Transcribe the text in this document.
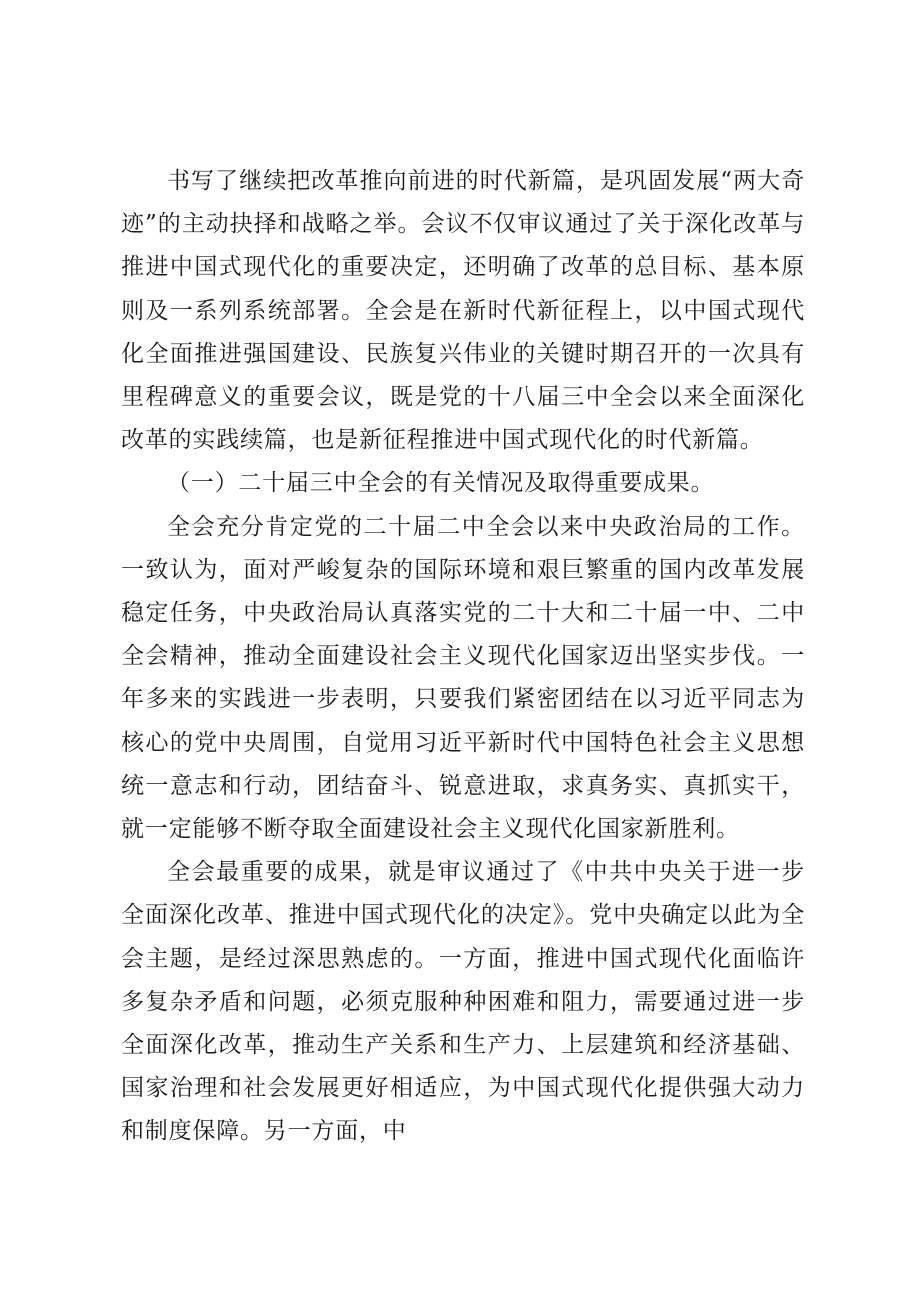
书写了继续把改革推向前进的时代新篇，是巩固发展“两大奇迹”的主动抉择和战略之举。会议不仅审议通过了关于深化改革与推进中国式现代化的重要决定，还明确了改革的总目标、基本原则及一系列系统部署。全会是在新时代新征程上，以中国式现代化全面推进强国建设、民族复兴伟业的关键时期召开的一次具有里程碑意义的重要会议，既是党的十八届三中全会以来全面深化改革的实践续篇，也是新征程推进中国式现代化的时代新篇。

（一）二十届三中全会的有关情况及取得重要成果。

全会充分肯定党的二十届二中全会以来中央政治局的工作。一致认为，面对严峻复杂的国际环境和艰巨繁重的国内改革发展稳定任务，中央政治局认真落实党的二十大和二十届一中、二中全会精神，推动全面建设社会主义现代化国家迈出坚实步伐。一年多来的实践进一步表明，只要我们紧密团结在以习近平同志为核心的党中央周围，自觉用习近平新时代中国特色社会主义思想统一意志和行动，团结奋斗、锐意进取，求真务实、真抓实干，就一定能够不断夺取全面建设社会主义现代化国家新胜利。

全会最重要的成果，就是审议通过了《中共中央关于进一步全面深化改革、推进中国式现代化的决定》。党中央确定以此为全会主题，是经过深思熟虑的。一方面，推进中国式现代化面临许多复杂矛盾和问题，必须克服种种困难和阻力，需要通过进一步全面深化改革，推动生产关系和生产力、上层建筑和经济基础、国家治理和社会发展更好相适应，为中国式现代化提供强大动力和制度保障。另一方面，中
